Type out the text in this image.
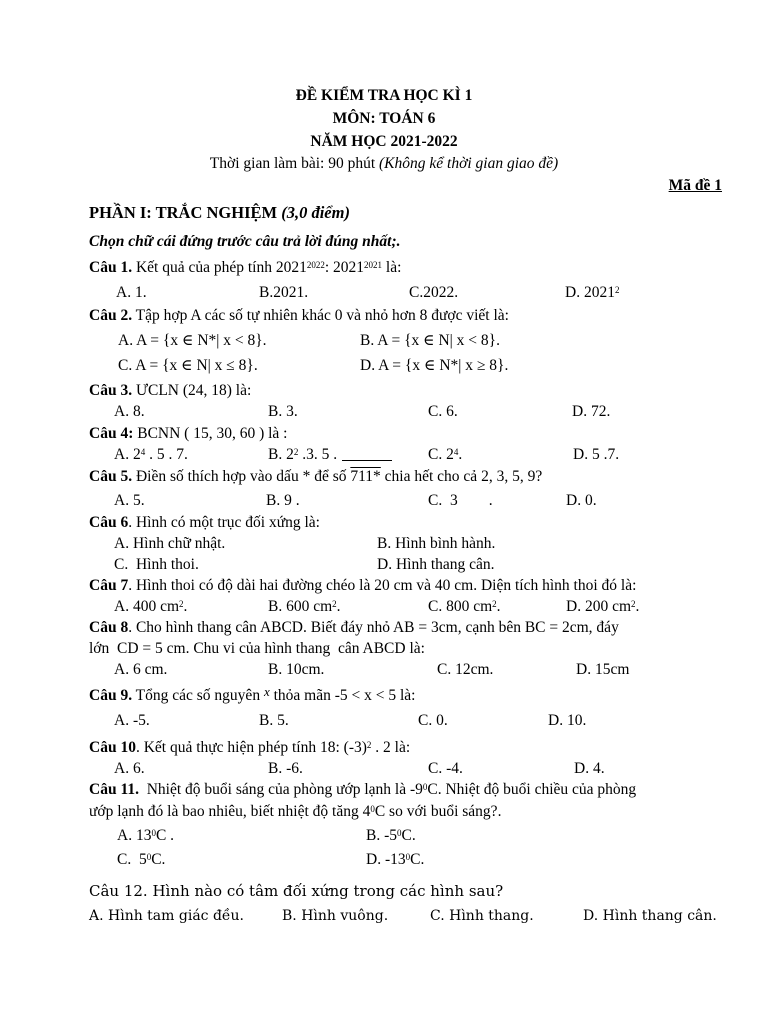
ĐỀ KIỂM TRA HỌC KÌ 1
MÔN: TOÁN 6
NĂM HỌC 2021-2022
Thời gian làm bài: 90 phút (Không kể thời gian giao đề)
Mã đề 1
PHẦN I: TRẮC NGHIỆM (3,0 điểm)
Chọn chữ cái đứng trước câu trả lời đúng nhất;.
Câu 1. Kết quả của phép tính $2021^{2022}$: $2021^{2021}$ là:
A. 1.	B.2021.	C.2022.	D. 2021$^2$
Câu 2. Tập hợp A các số tự nhiên khác 0 và nhỏ hơn 8 được viết là:
A. A = {x ∈ N*| x < 8}.	B. A = {x ∈ N| x < 8}.
C. A = {x ∈ N| x ≤ 8}.	D. A = {x ∈ N*| x ≥ 8}.
Câu 3. ƯCLN (24, 18) là:
A. 8.	B. 3.	C. 6.	D. 72.
Câu 4: BCNN ( 15, 30, 60 ) là :
A. $2^4$ . 5 . 7.	B. $2^2$ .3. 5 .	C. $2^4$.	D. 5 .7.
Câu 5. Điền số thích hợp vào dấu * để số 711* chia hết cho cả 2, 3, 5, 9?
A. 5.	B. 9 .	C.  3        .	D. 0.
Câu 6. Hình có một trục đối xứng là:
A. Hình chữ nhật.	B. Hình bình hành.
C.  Hình thoi.	D. Hình thang cân.
Câu 7. Hình thoi có độ dài hai đường chéo là 20 cm và 40 cm. Diện tích hình thoi đó là:
A. 400 $cm^2$.	B. 600 $cm^2$.	C. 800 $cm^2$.	D. 200 $cm^2$.
Câu 8. Cho hình thang cân ABCD. Biết đáy nhỏ AB = 3cm, cạnh bên BC = 2cm, đáy
lớn  CD = 5 cm. Chu vi của hình thang  cân ABCD là:
A. 6 cm.	B. 10cm.	C. 12cm.	D. 15cm
Câu 9. Tổng các số nguyên $^x$ thỏa mãn -5 < x < 5 là:
A. -5.	B. 5.	C. 0.	D. 10.
Câu 10. Kết quả thực hiện phép tính 18: $(-3)^2$ . 2 là:
A. 6.	B. -6.	C. -4.	D. 4.
Câu 11.  Nhiệt độ buổi sáng của phòng ướp lạnh là $-9^0C$. Nhiệt độ buổi chiều của phòng
ướp lạnh đó là bao nhiêu, biết nhiệt độ tăng $4^0C$ so với buổi sáng?.
A. $13^0C$ .	B. $-5^0C$.
C.  $5^0C$.	D. $-13^0C$.
Câu 12. Hình nào có tâm đối xứng trong các hình sau?
A. Hình tam giác đều.	B. Hình vuông.	C. Hình thang.	D. Hình thang cân.
